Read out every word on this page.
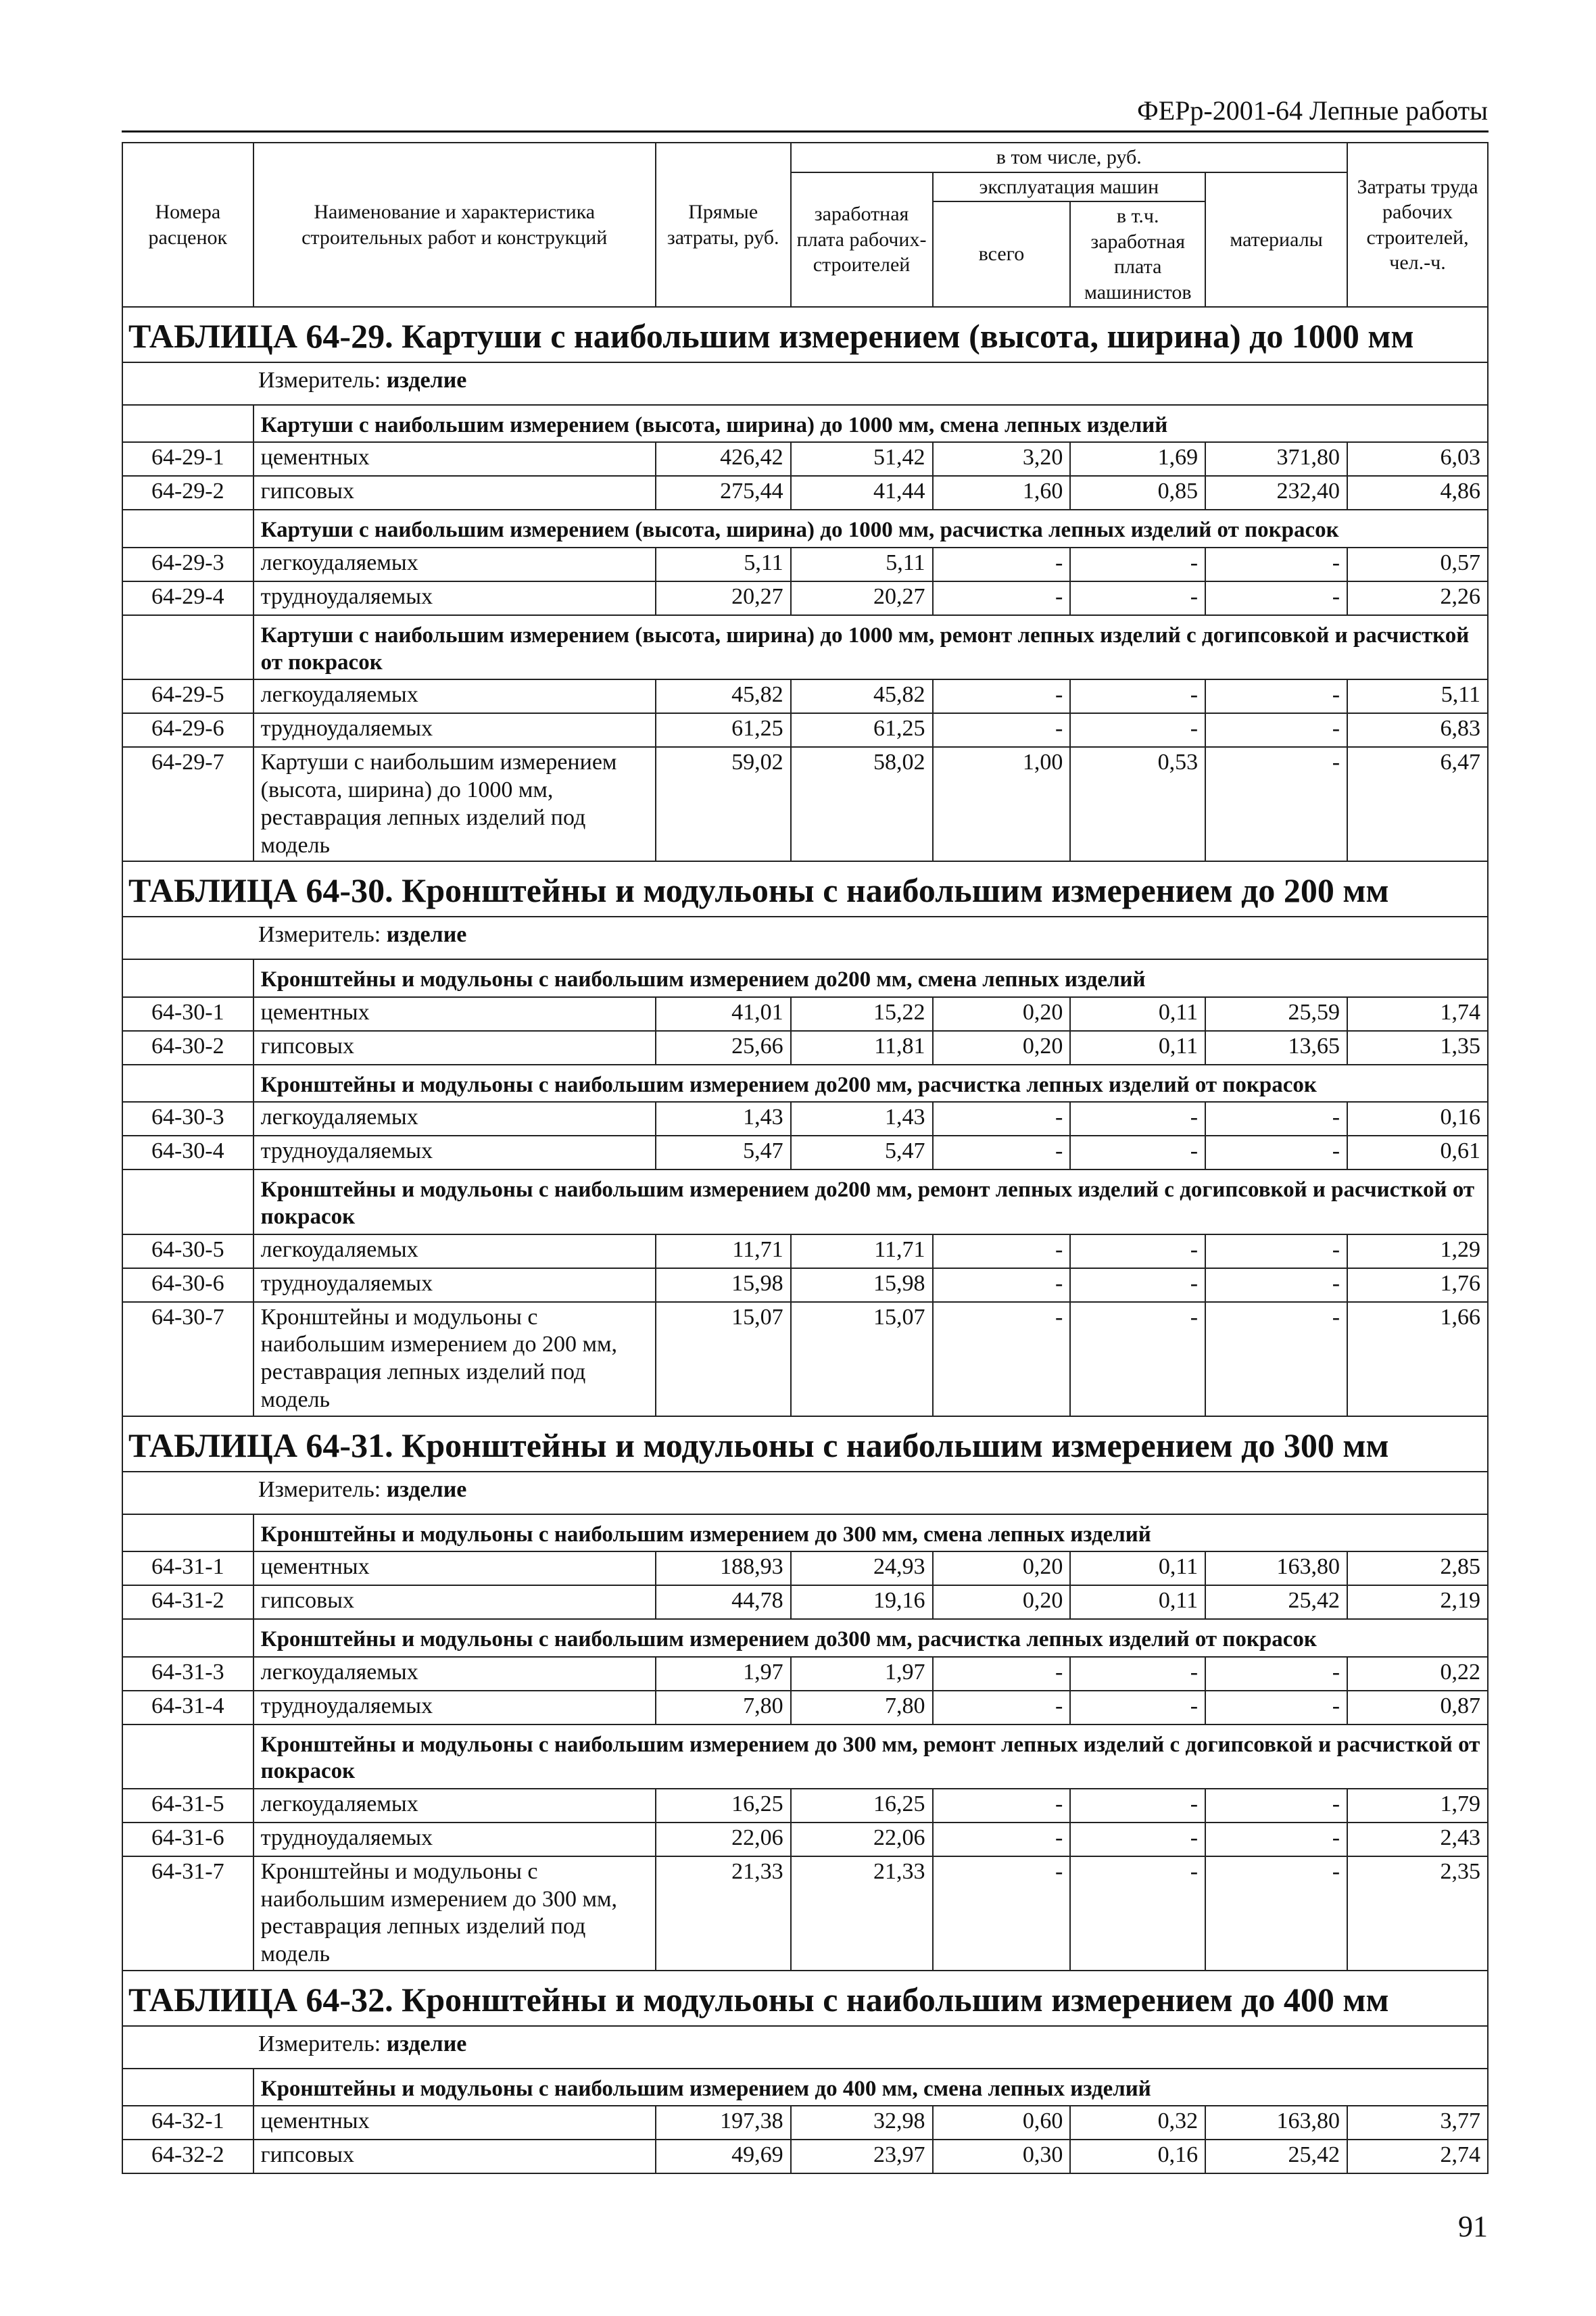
ФЕРр-2001-64 Лепные работы
Номера расценок	Наименование и характеристика строительных работ и конструкций	Прямые затраты, руб.	в том числе, руб.				Затраты труда рабочих строителей, чел.-ч.
			заработная плата рабочих-строителей	эксплуатация машин		материалы	
				всего	в т.ч. заработная плата машинистов		
ТАБЛИЦА 64-29. Картуши с наибольшим измерением (высота, ширина) до 1000 мм							
Измеритель: изделие							
	Картуши с наибольшим измерением (высота, ширина) до 1000 мм, смена лепных изделий						
64-29-1	цементных	426,42	51,42	3,20	1,69	371,80	6,03
64-29-2	гипсовых	275,44	41,44	1,60	0,85	232,40	4,86
	Картуши с наибольшим измерением (высота, ширина) до 1000 мм, расчистка лепных изделий от покрасок						
64-29-3	легкоудаляемых	5,11	5,11	-	-	-	0,57
64-29-4	трудноудаляемых	20,27	20,27	-	-	-	2,26
	Картуши с наибольшим измерением (высота, ширина) до 1000 мм, ремонт лепных изделий с догипсовкой и расчисткой от покрасок						
64-29-5	легкоудаляемых	45,82	45,82	-	-	-	5,11
64-29-6	трудноудаляемых	61,25	61,25	-	-	-	6,83
64-29-7	Картуши с наибольшим измерением (высота, ширина) до 1000 мм, реставрация лепных изделий под модель	59,02	58,02	1,00	0,53	-	6,47
ТАБЛИЦА 64-30. Кронштейны и модульоны с наибольшим измерением до 200 мм							
Измеритель: изделие							
	Кронштейны и модульоны с наибольшим измерением до200 мм, смена лепных изделий						
64-30-1	цементных	41,01	15,22	0,20	0,11	25,59	1,74
64-30-2	гипсовых	25,66	11,81	0,20	0,11	13,65	1,35
	Кронштейны и модульоны с наибольшим измерением до200 мм, расчистка лепных изделий от покрасок						
64-30-3	легкоудаляемых	1,43	1,43	-	-	-	0,16
64-30-4	трудноудаляемых	5,47	5,47	-	-	-	0,61
	Кронштейны и модульоны с наибольшим измерением до200 мм, ремонт лепных изделий с догипсовкой и расчисткой от покрасок						
64-30-5	легкоудаляемых	11,71	11,71	-	-	-	1,29
64-30-6	трудноудаляемых	15,98	15,98	-	-	-	1,76
64-30-7	Кронштейны и модульоны с наибольшим измерением до 200 мм, реставрация лепных изделий под модель	15,07	15,07	-	-	-	1,66
ТАБЛИЦА 64-31. Кронштейны и модульоны с наибольшим измерением до 300 мм							
Измеритель: изделие							
	Кронштейны и модульоны с наибольшим измерением до 300 мм, смена лепных изделий						
64-31-1	цементных	188,93	24,93	0,20	0,11	163,80	2,85
64-31-2	гипсовых	44,78	19,16	0,20	0,11	25,42	2,19
	Кронштейны и модульоны с наибольшим измерением до300 мм, расчистка лепных изделий от покрасок						
64-31-3	легкоудаляемых	1,97	1,97	-	-	-	0,22
64-31-4	трудноудаляемых	7,80	7,80	-	-	-	0,87
	Кронштейны и модульоны с наибольшим измерением до 300 мм, ремонт лепных изделий с догипсовкой и расчисткой от покрасок						
64-31-5	легкоудаляемых	16,25	16,25	-	-	-	1,79
64-31-6	трудноудаляемых	22,06	22,06	-	-	-	2,43
64-31-7	Кронштейны и модульоны с наибольшим измерением до 300 мм, реставрация лепных изделий под модель	21,33	21,33	-	-	-	2,35
ТАБЛИЦА 64-32. Кронштейны и модульоны с наибольшим измерением до 400 мм							
Измеритель: изделие							
	Кронштейны и модульоны с наибольшим измерением до 400 мм, смена лепных изделий						
64-32-1	цементных	197,38	32,98	0,60	0,32	163,80	3,77
64-32-2	гипсовых	49,69	23,97	0,30	0,16	25,42	2,74
91
